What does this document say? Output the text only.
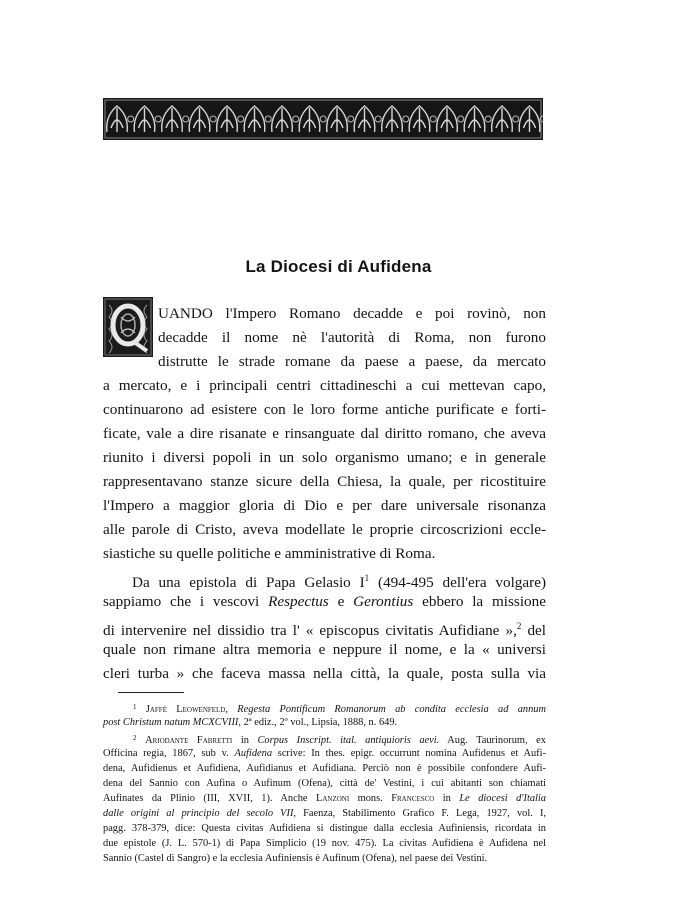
La Diocesi di Aufidena
UANDO l'Impero Romano decadde e poi rovinò, non
decadde il nome nè l'autorità di Roma, non furono
distrutte le strade romane da paese a paese, da mercato
a mercato, e i principali centri cittadineschi a cui mettevan capo,
continuarono ad esistere con le loro forme antiche purificate e forti-
ficate, vale a dire risanate e rinsanguate dal diritto romano, che aveva
riunito i diversi popoli in un solo organismo umano; e in generale
rappresentavano stanze sicure della Chiesa, la quale, per ricostituire
l'Impero a maggior gloria di Dio e per dare universale risonanza
alle parole di Cristo, aveva modellate le proprie circoscrizioni eccle-
siastiche su quelle politiche e amministrative di Roma.
Da una epistola di Papa Gelasio $I^1$ (494-495 dell'era volgare)
sappiamo che i vescovi Respectus e Gerontius ebbero la missione
di intervenire nel dissidio tra l' « episcopus civitatis Aufidiane »,$^2$ del
quale non rimane altra memoria e neppure il nome, e la « universi
cleri turba » che faceva massa nella città, la quale, posta sulla via
$^1$ Jaffè Leowenfeld, Regesta Pontificum Romanorum ab condita ecclesia ad annum
post Christum natum MCXCVIII, 2ª ediz., 2º vol., Lipsia, 1888, n. 649.
$^2$ Ariodante Fabretti in Corpus Inscript. ital. antiquioris aevi. Aug. Taurinorum, ex
Officina regia, 1867, sub v. Aufidena scrive: In thes. epigr. occurrunt nomina Aufidenus et Aufi-
dena, Aufidienus et Aufidiena, Aufidianus et Aufidiana. Perciò non è possibile confondere Aufi-
dena del Sannio con Aufina o Aufinum (Ofena), città de' Vestini, i cui abitanti son chiamati
Aufinates da Plinio (III, XVII, 1). Anche Lanzoni mons. Francesco in Le diocesi d'Italia
dalle origini al principio del secolo VII, Faenza, Stabilimento Grafico F. Lega, 1927, vol. I,
pagg. 378-379, dice: Questa civitas Aufidiena si distingue dalla ecclesia Aufiniensis, ricordata in
due epistole (J. L. 570-1) di Papa Simplicio (19 nov. 475). La civitas Aufidiena è Aufidena nel
Sannio (Castel di Sangro) e la ecclesia Aufiniensis è Aufinum (Ofena), nel paese dei Vestini.
